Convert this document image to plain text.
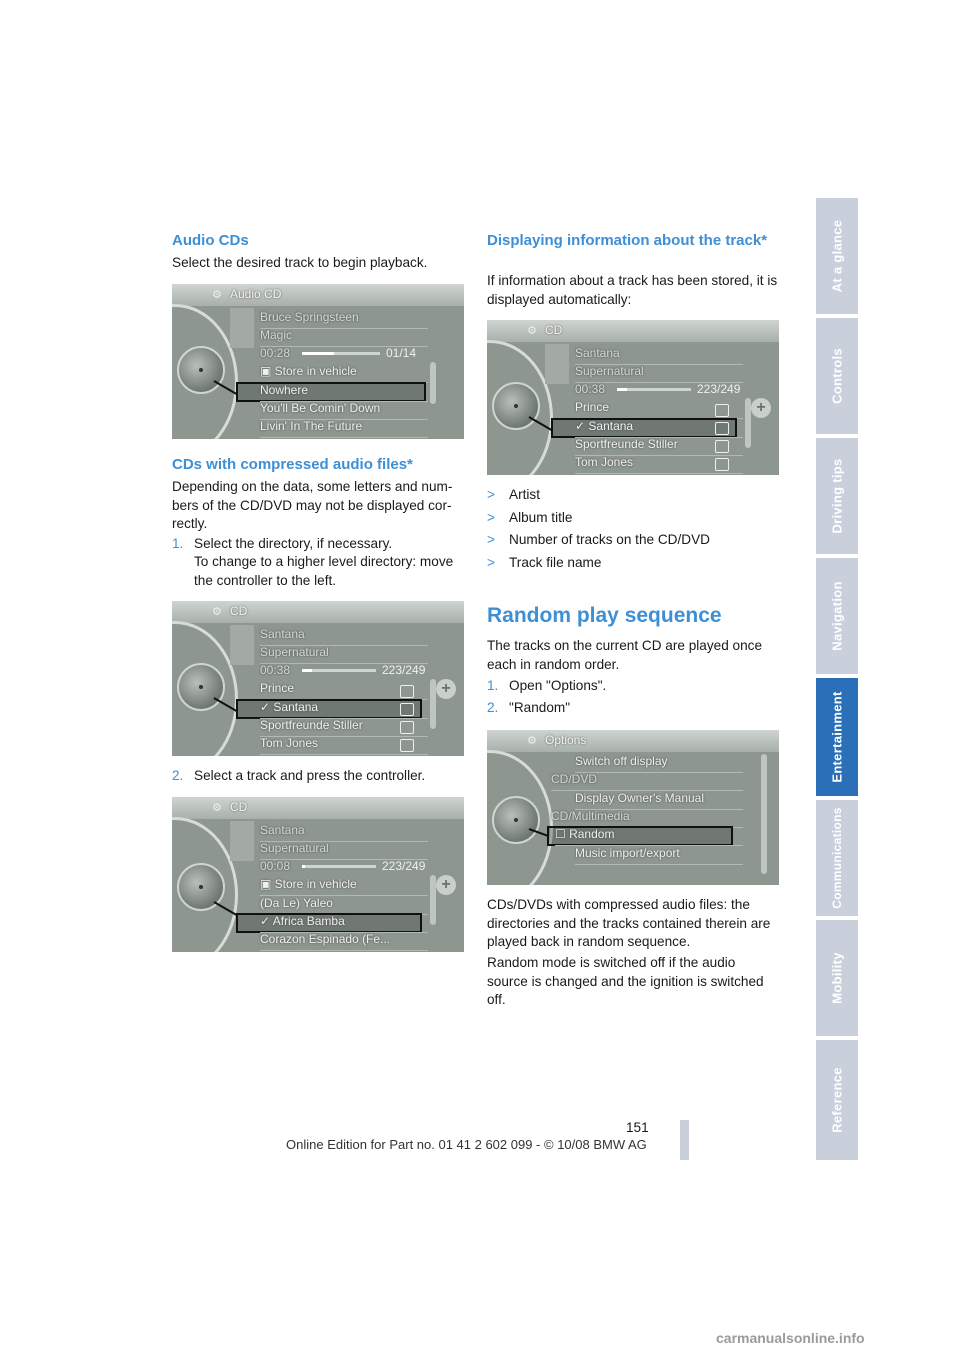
Audio CDs
Select the desired track to begin playback.
⚙ Audio CD
Bruce Springsteen
Magic
00:28	01/14
▣ Store in vehicle
Nowhere
You'll Be Comin' Down
Livin' In The Future
CDs with compressed audio files*
Depending on the data, some letters and num-bers of the CD/DVD may not be displayed cor-rectly.
1. Select the directory, if necessary.
To change to a higher level directory: move the controller to the left.
⚙ CD
Santana
Supernatural
00:38	223/249
Prince
✓ Santana
Sportfreunde Stiller
Tom Jones
+
2. Select a track and press the controller.
⚙ CD
Santana
Supernatural
00:08	223/249
▣ Store in vehicle
(Da Le) Yaleo
✓ Africa Bamba
Corazon Espinado (Fe...
+
Displaying information about the track*
If information about a track has been stored, it is displayed automatically:
⚙ CD
Santana
Supernatural
00:38	223/249
Prince
✓ Santana
Sportfreunde Stiller
Tom Jones
+
> Artist
> Album title
> Number of tracks on the CD/DVD
> Track file name
Random play sequence
The tracks on the current CD are played once each in random order.
1. Open "Options".
2. "Random"
⚙ Options
Switch off display
CD/DVD
Display Owner's Manual
CD/Multimedia
☐ Random
Music import/export
CDs/DVDs with compressed audio files: the directories and the tracks contained therein are played back in random sequence.
Random mode is switched off if the audio source is changed and the ignition is switched off.
At a glance
Controls
Driving tips
Navigation
Entertainment
Communications
Mobility
Reference
151
Online Edition for Part no. 01 41 2 602 099 - © 10/08 BMW AG
carmanualsonline.info
